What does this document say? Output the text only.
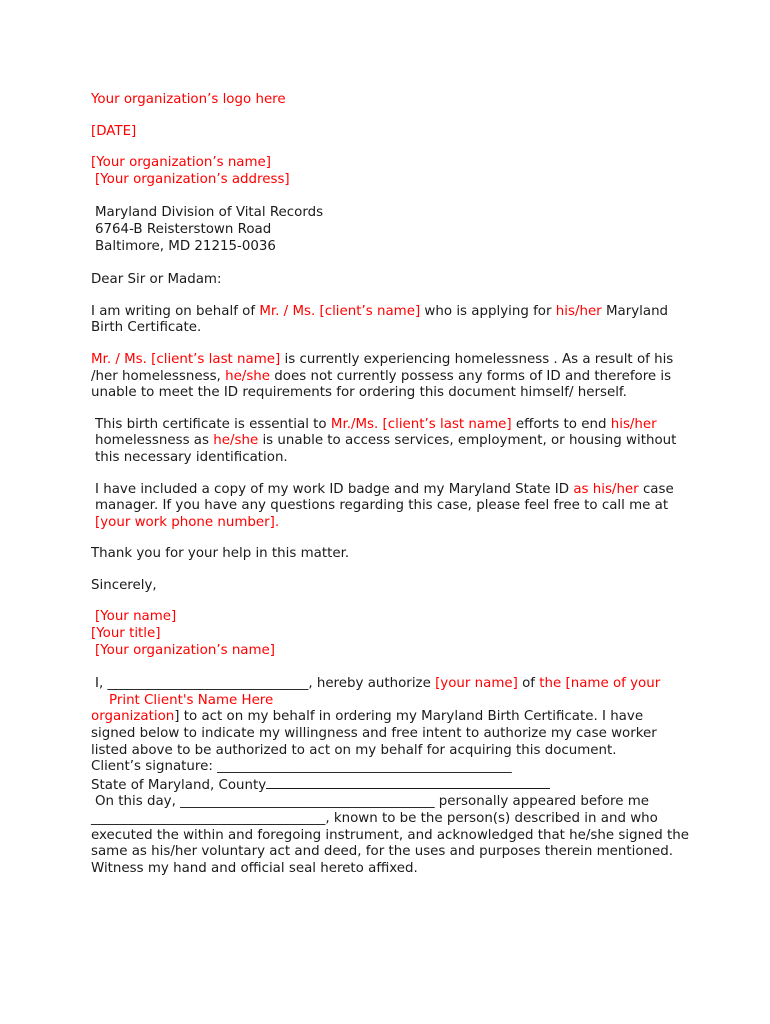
Your organization’s logo here

[DATE]

[Your organization’s name]

[Your organization’s address]

Maryland Division of Vital Records

6764-B Reisterstown Road

Baltimore, MD 21215-0036

Dear Sir or Madam:

I am writing on behalf of Mr. / Ms. [client’s name] who is applying for his/her Maryland Birth Certificate.

Mr. / Ms. [client’s last name] is currently experiencing homelessness . As a result of his /her homelessness, he/she does not currently possess any forms of ID and therefore is unable to meet the ID requirements for ordering this document himself/ herself.

This birth certificate is essential to Mr./Ms. [client’s last name] efforts to end his/her homelessness as he/she is unable to access services, employment, or housing without this necessary identification.

I have included a copy of my work ID badge and my Maryland State ID as his/her case manager. If you have any questions regarding this case, please feel free to call me at [your work phone number].

Thank you for your help in this matter.

Sincerely,

[Your name]

[Your title]

[Your organization’s name]

I, ______________________________, hereby authorize [your name] of the [name of your

Print Client's Name Here

organization] to act on my behalf in ordering my Maryland Birth Certificate. I have signed below to indicate my willingness and free intent to authorize my case worker listed above to be authorized to act on my behalf for acquiring this document.

Client’s signature: ____________________________________________

State of Maryland, County

On this day, ______________________________________ personally appeared before me

___________________________________, known to be the person(s) described in and who executed the within and foregoing instrument, and acknowledged that he/she signed the same as his/her voluntary act and deed, for the uses and purposes therein mentioned. Witness my hand and official seal hereto affixed.
